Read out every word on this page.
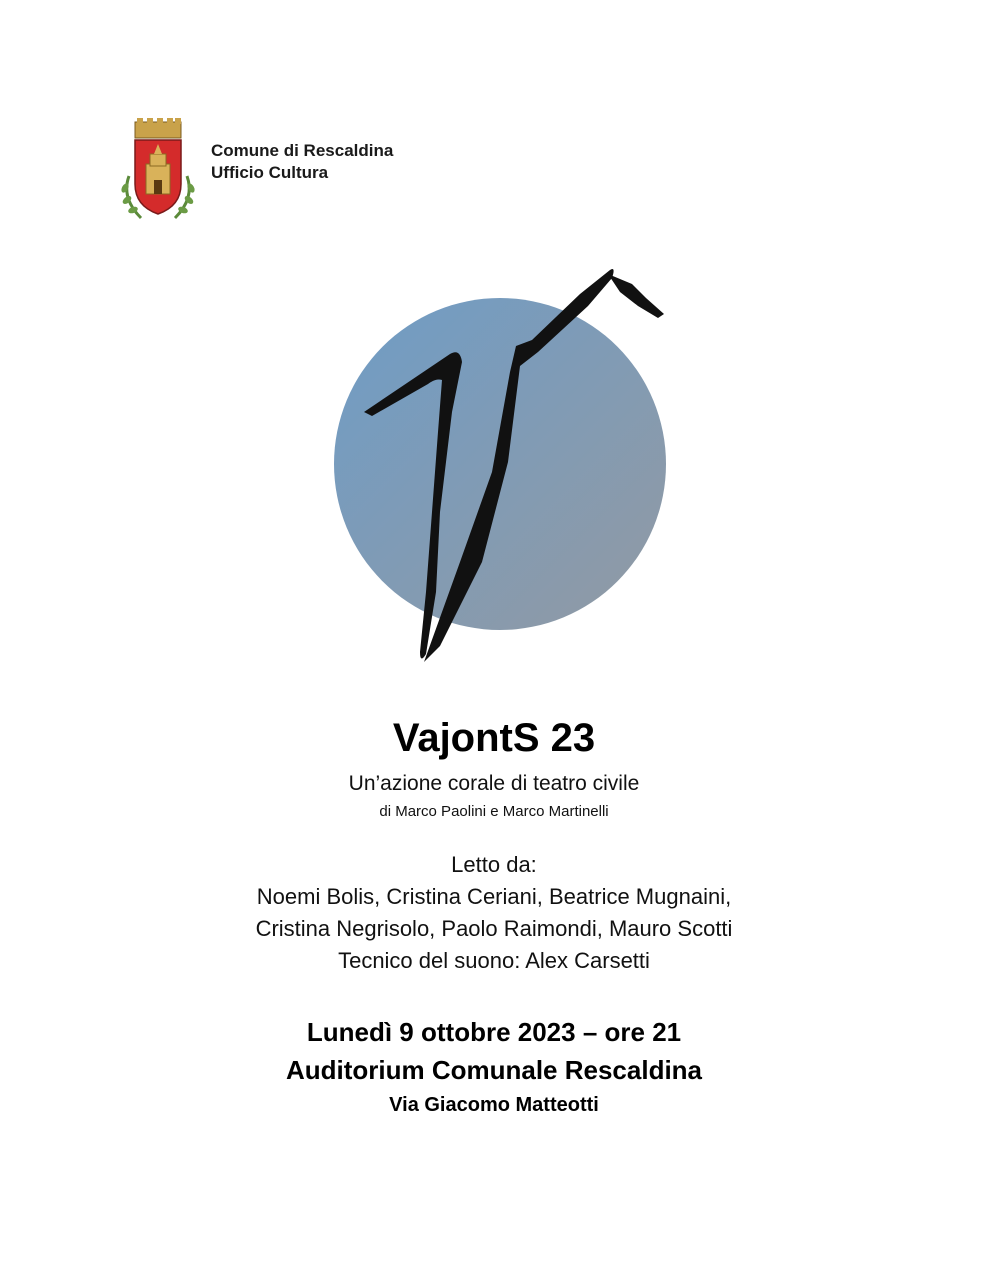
Comune di Rescaldina
Ufficio Cultura
VajontS 23
Un’azione corale di teatro civile
di Marco Paolini e Marco Martinelli
Letto da:
Noemi Bolis, Cristina Ceriani, Beatrice Mugnaini,
Cristina Negrisolo, Paolo Raimondi, Mauro Scotti
Tecnico del suono: Alex Carsetti
Lunedì 9 ottobre 2023 – ore 21
Auditorium Comunale Rescaldina
Via Giacomo Matteotti
